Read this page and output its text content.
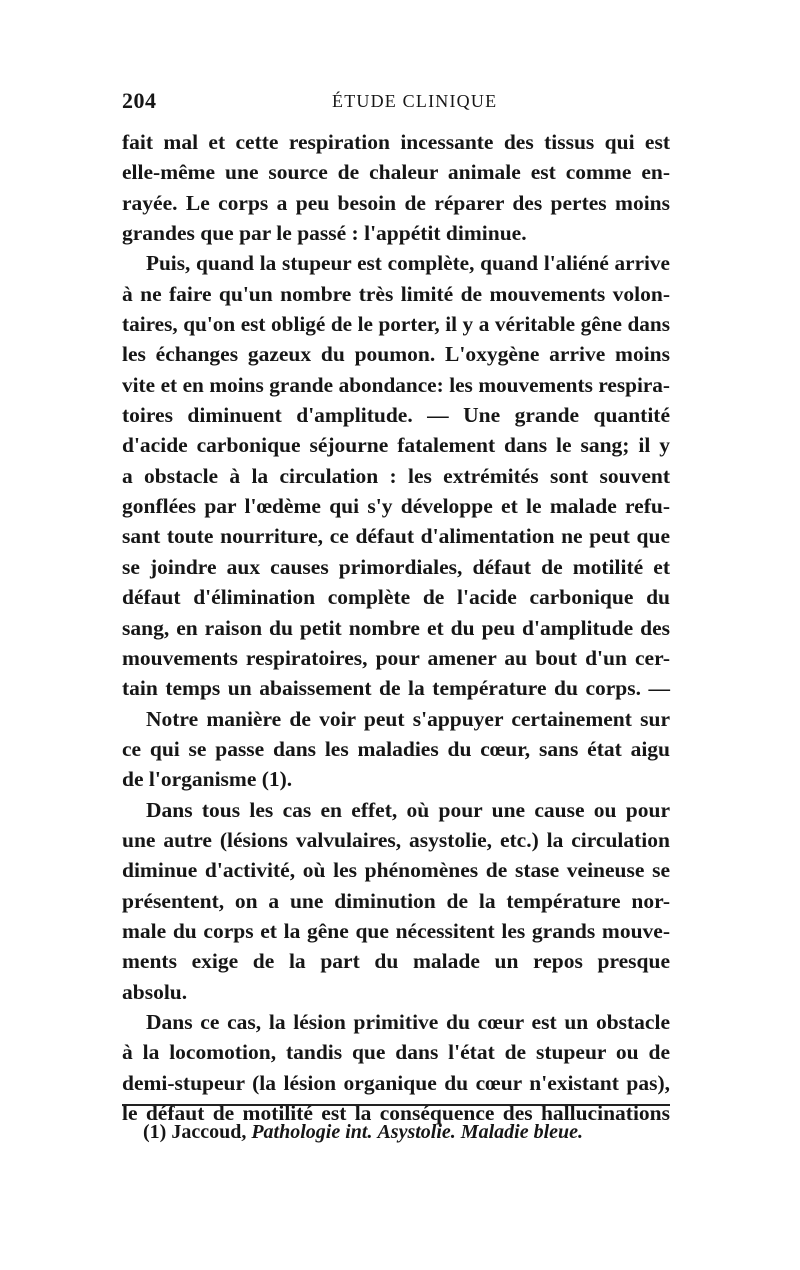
204	ÉTUDE CLINIQUE
fait mal et cette respiration incessante des tissus qui est
elle-même une source de chaleur animale est comme en-
rayée. Le corps a peu besoin de réparer des pertes moins
grandes que par le passé : l'appétit diminue.
Puis, quand la stupeur est complète, quand l'aliéné arrive
à ne faire qu'un nombre très limité de mouvements volon-
taires, qu'on est obligé de le porter, il y a véritable gêne dans
les échanges gazeux du poumon. L'oxygène arrive moins
vite et en moins grande abondance: les mouvements respira-
toires diminuent d'amplitude. — Une grande quantité
d'acide carbonique séjourne fatalement dans le sang; il y
a obstacle à la circulation : les extrémités sont souvent
gonflées par l'œdème qui s'y développe et le malade refu-
sant toute nourriture, ce défaut d'alimentation ne peut que
se joindre aux causes primordiales, défaut de motilité et
défaut d'élimination complète de l'acide carbonique du
sang, en raison du petit nombre et du peu d'amplitude des
mouvements respiratoires, pour amener au bout d'un cer-
tain temps un abaissement de la température du corps. —
Notre manière de voir peut s'appuyer certainement sur
ce qui se passe dans les maladies du cœur, sans état aigu
de l'organisme (1).
Dans tous les cas en effet, où pour une cause ou pour
une autre (lésions valvulaires, asystolie, etc.) la circulation
diminue d'activité, où les phénomènes de stase veineuse se
présentent, on a une diminution de la température nor-
male du corps et la gêne que nécessitent les grands mouve-
ments exige de la part du malade un repos presque
absolu.
Dans ce cas, la lésion primitive du cœur est un obstacle
à la locomotion, tandis que dans l'état de stupeur ou de
demi-stupeur (la lésion organique du cœur n'existant pas),
le défaut de motilité est la conséquence des hallucinations
(1) Jaccoud, Pathologie int. Asystolie. Maladie bleue.
